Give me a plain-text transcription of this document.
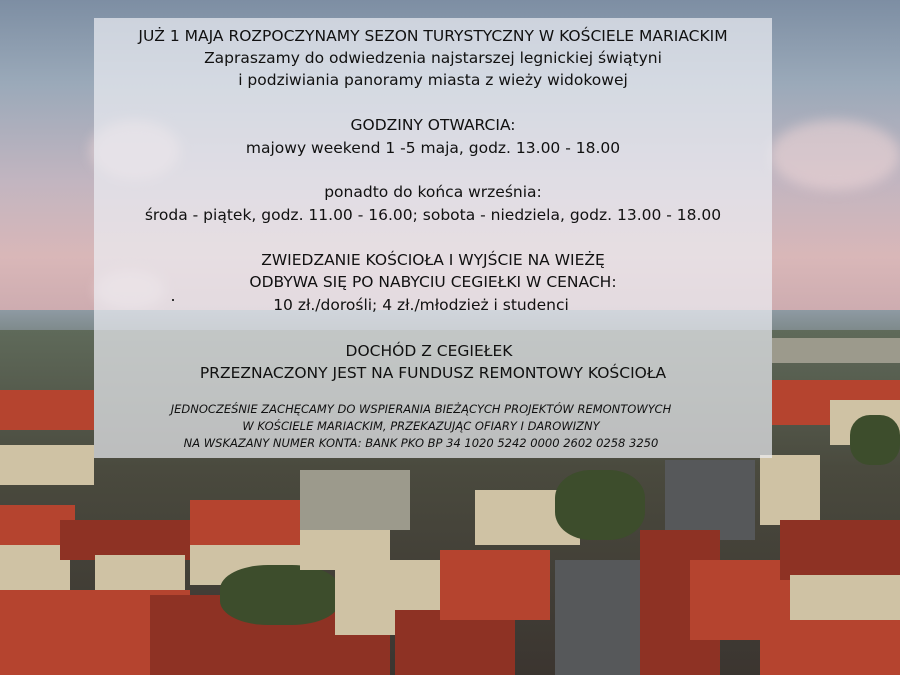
JUŻ 1 MAJA ROZPOCZYNAMY SEZON TURYSTYCZNY W KOŚCIELE MARIACKIM
Zapraszamy do odwiedzenia najstarszej legnickiej świątyni
i podziwiania panoramy miasta z wieży widokowej
GODZINY OTWARCIA:
majowy weekend 1 -5 maja, godz. 13.00 - 18.00
ponadto do końca września:
środa - piątek, godz. 11.00 - 16.00; sobota - niedziela, godz. 13.00 - 18.00
ZWIEDZANIE KOŚCIOŁA I WYJŚCIE NA WIEŻĘ
ODBYWA SIĘ PO NABYCIU CEGIEŁKI W CENACH:
10 zł./dorośli; 4 zł./młodzież i studenci
DOCHÓD Z CEGIEŁEK
PRZEZNACZONY JEST NA FUNDUSZ REMONTOWY KOŚCIOŁA
JEDNOCZEŚNIE ZACHĘCAMY DO WSPIERANIA BIEŻĄCYCH PROJEKTÓW REMONTOWYCH
W KOŚCIELE MARIACKIM, PRZEKAZUJĄC OFIARY I DAROWIZNY
NA WSKAZANY NUMER KONTA: BANK PKO BP 34 1020 5242 0000 2602 0258 3250
